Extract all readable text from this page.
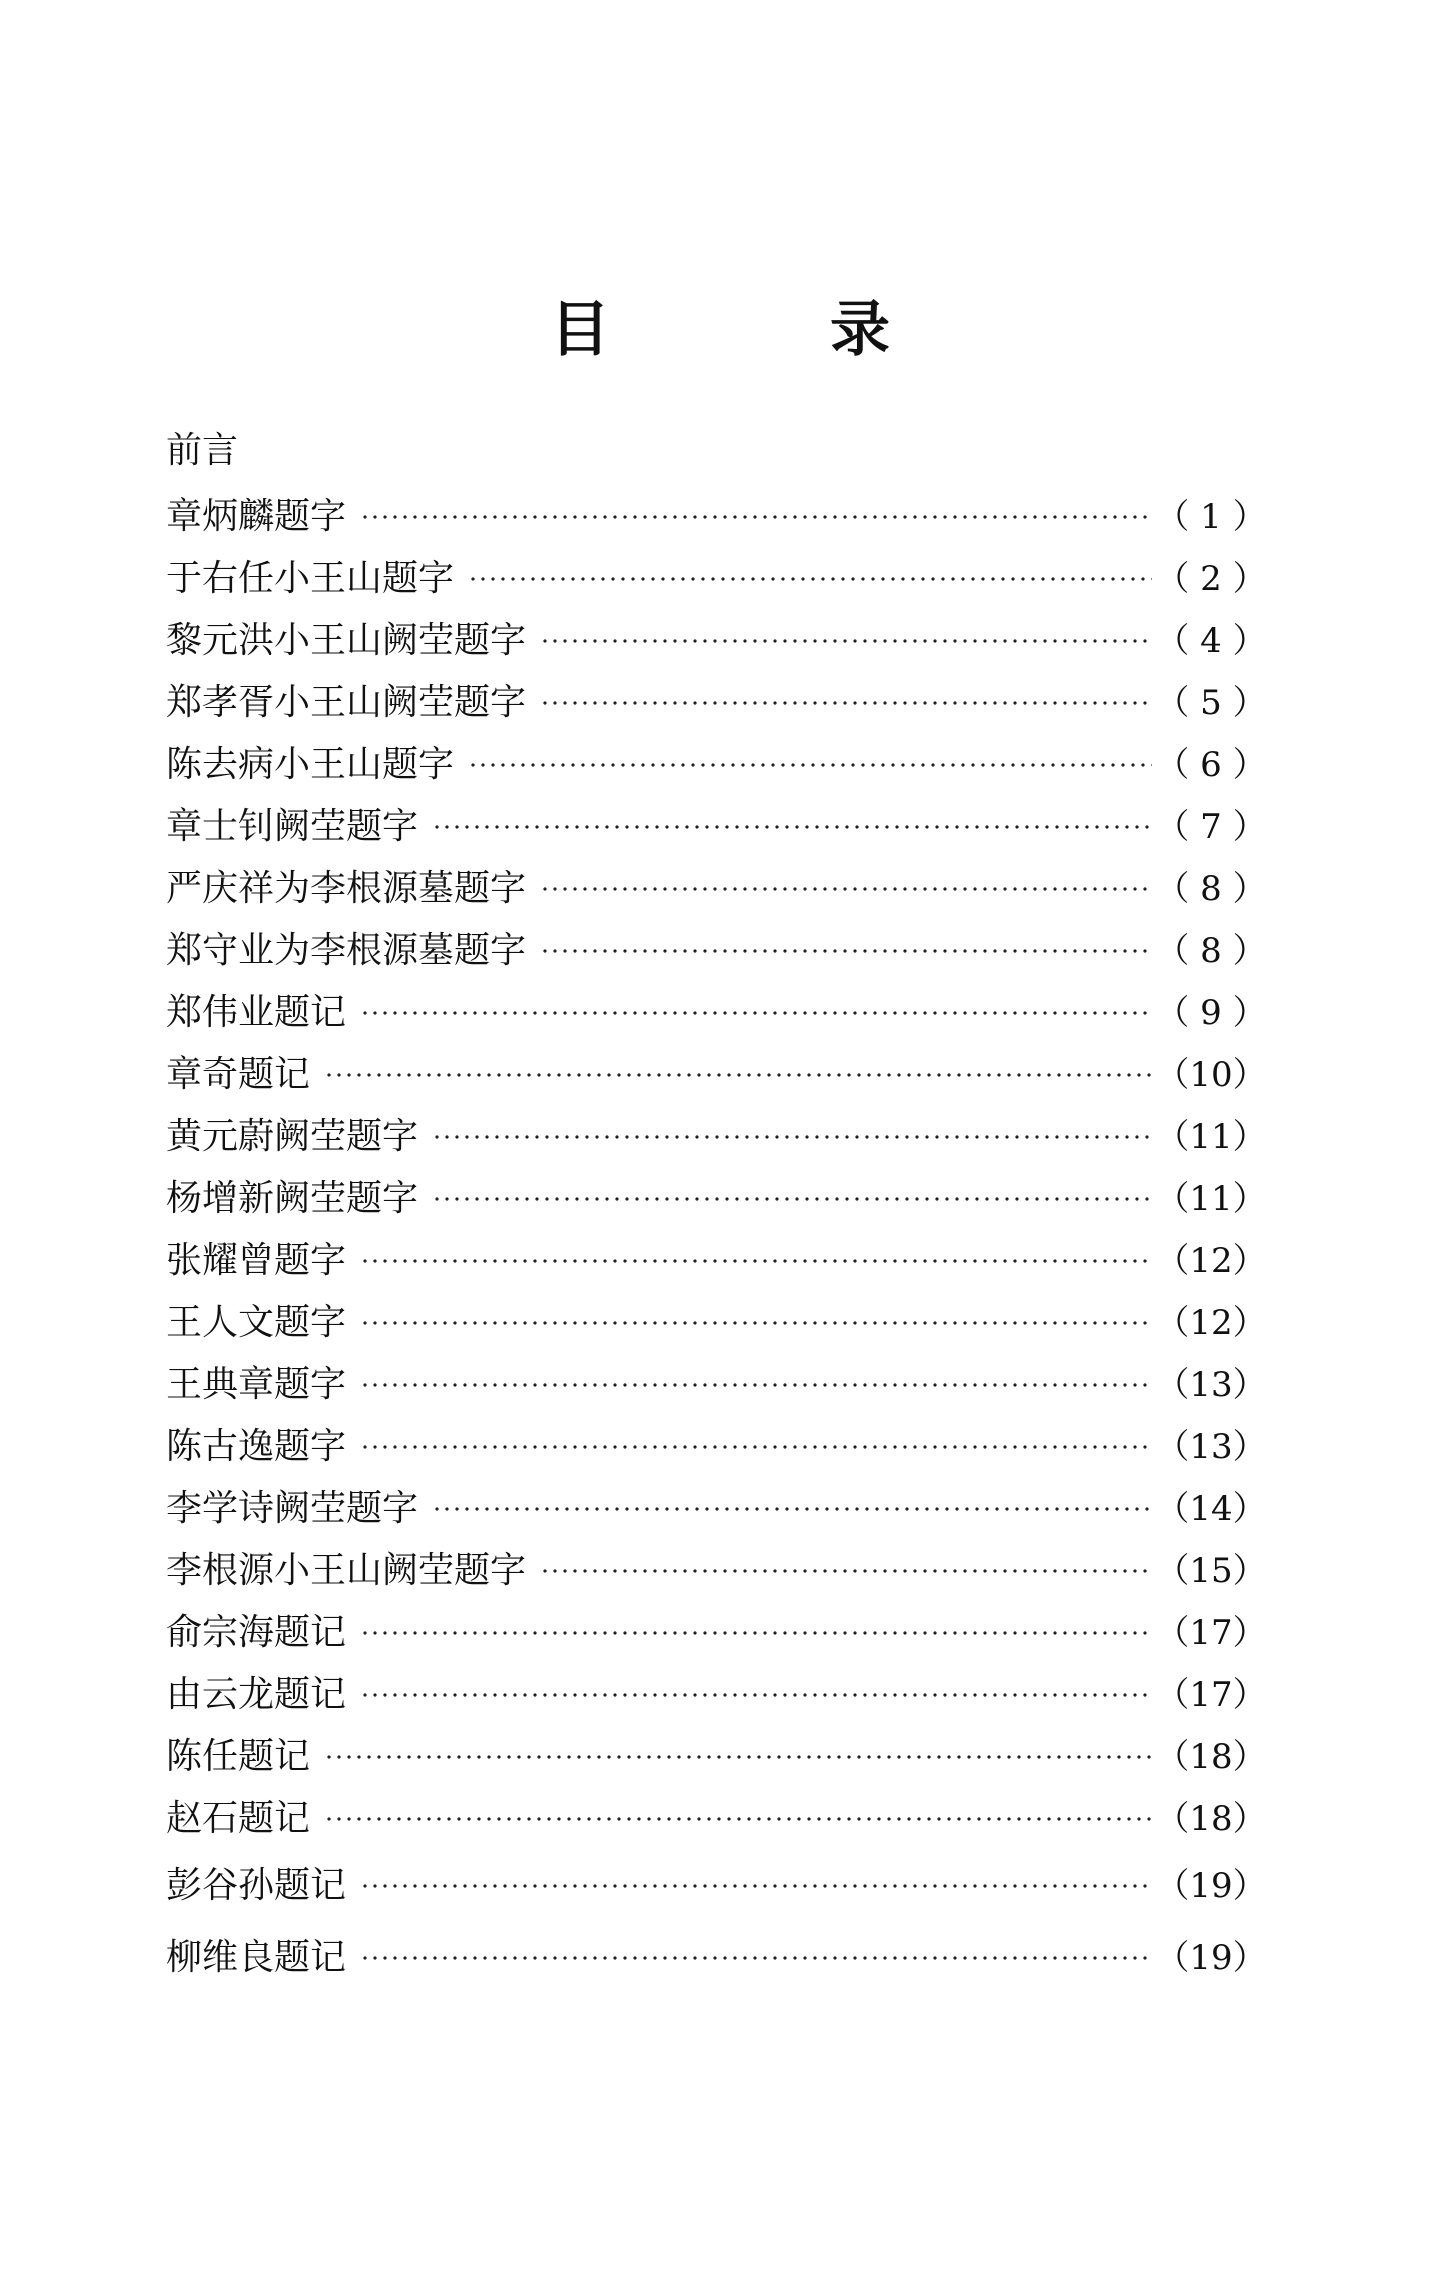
目录
前言
章炳麟题字	（ 1 ）
于右任小王山题字	（ 2 ）
黎元洪小王山阙茔题字	（ 4 ）
郑孝胥小王山阙茔题字	（ 5 ）
陈去病小王山题字	（ 6 ）
章士钊阙茔题字	（ 7 ）
严庆祥为李根源墓题字	（ 8 ）
郑守业为李根源墓题字	（ 8 ）
郑伟业题记	（ 9 ）
章奇题记	（10）
黄元蔚阙茔题字	（11）
杨增新阙茔题字	（11）
张耀曾题字	（12）
王人文题字	（12）
王典章题字	（13）
陈古逸题字	（13）
李学诗阙茔题字	（14）
李根源小王山阙茔题字	（15）
俞宗海题记	（17）
由云龙题记	（17）
陈任题记	（18）
赵石题记	（18）
彭谷孙题记	（19）
柳维良题记	（19）
